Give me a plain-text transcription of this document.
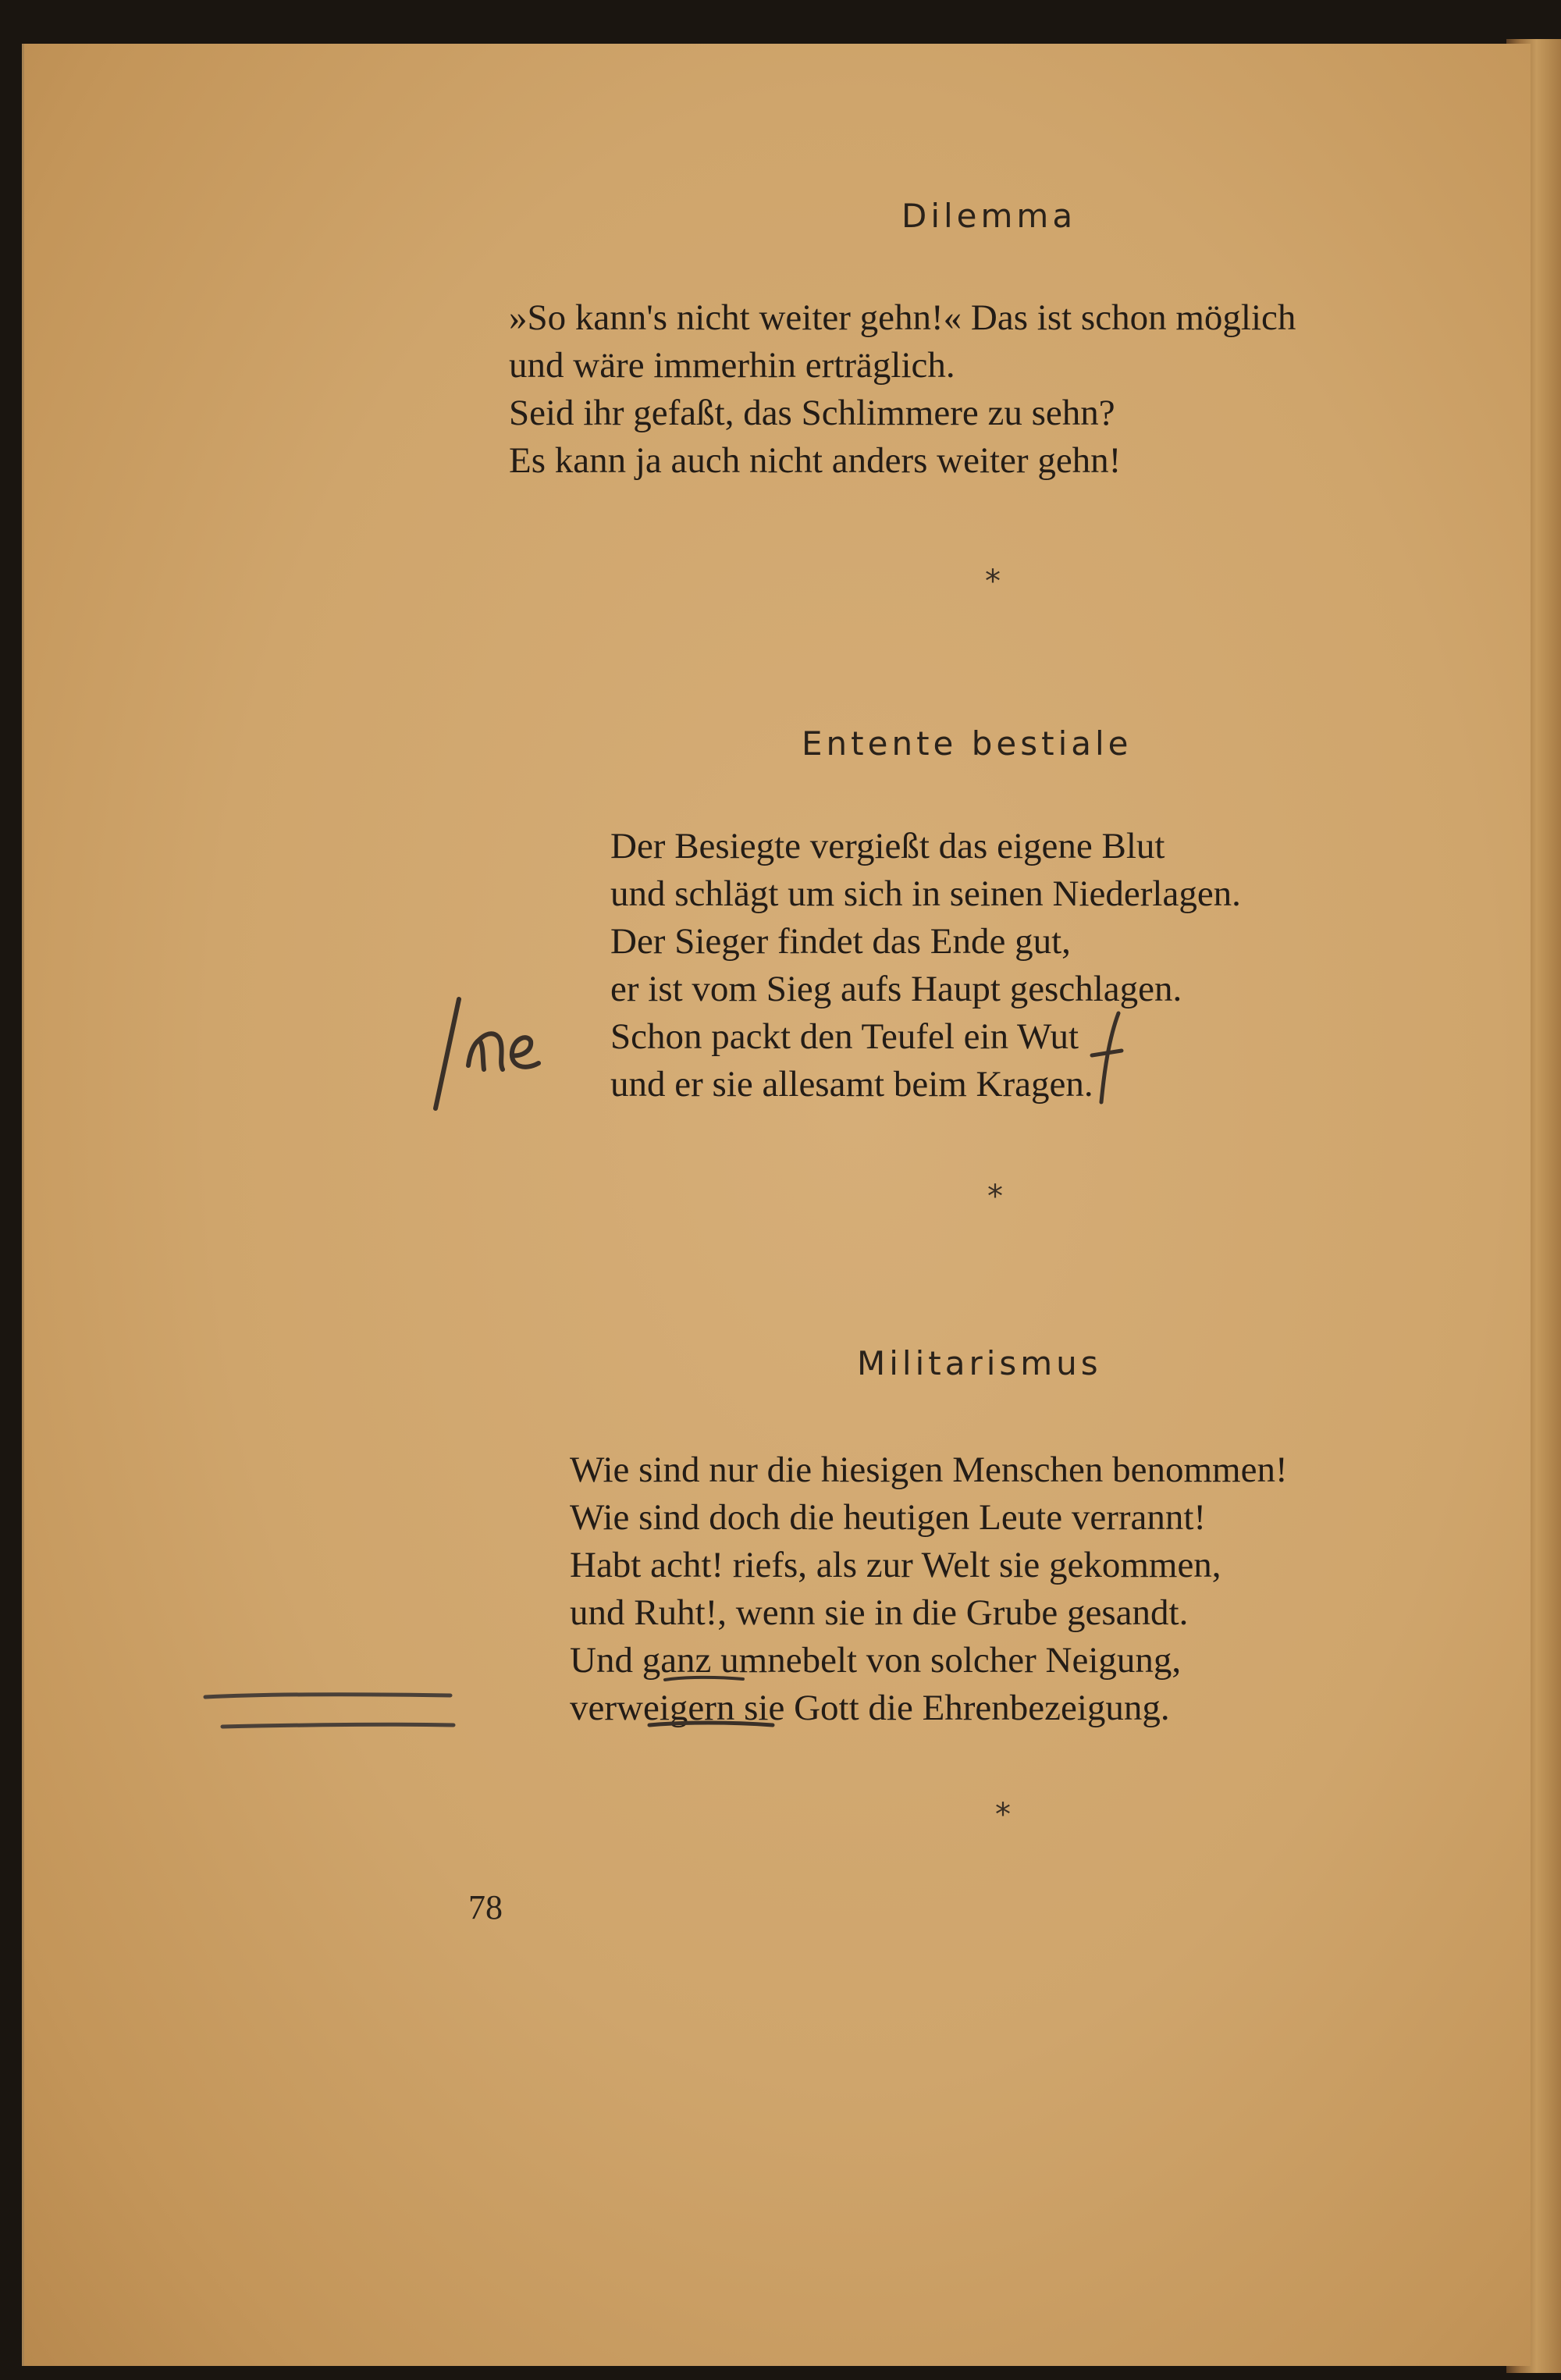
Dilemma
»So kann's nicht weiter gehn!« Das ist schon möglich
und wäre immerhin erträglich.
Seid ihr gefaßt, das Schlimmere zu sehn?
Es kann ja auch nicht anders weiter gehn!
*
Entente bestiale
Der Besiegte vergießt das eigene Blut
und schlägt um sich in seinen Niederlagen.
Der Sieger findet das Ende gut,
er ist vom Sieg aufs Haupt geschlagen.
Schon packt den Teufel ein Wut
und er sie allesamt beim Kragen.
*
Militarismus
Wie sind nur die hiesigen Menschen benommen!
Wie sind doch die heutigen Leute verrannt!
Habt acht! riefs, als zur Welt sie gekommen,
und Ruht!, wenn sie in die Grube gesandt.
Und ganz umnebelt von solcher Neigung,
verweigern sie Gott die Ehrenbezeigung.
*
78
